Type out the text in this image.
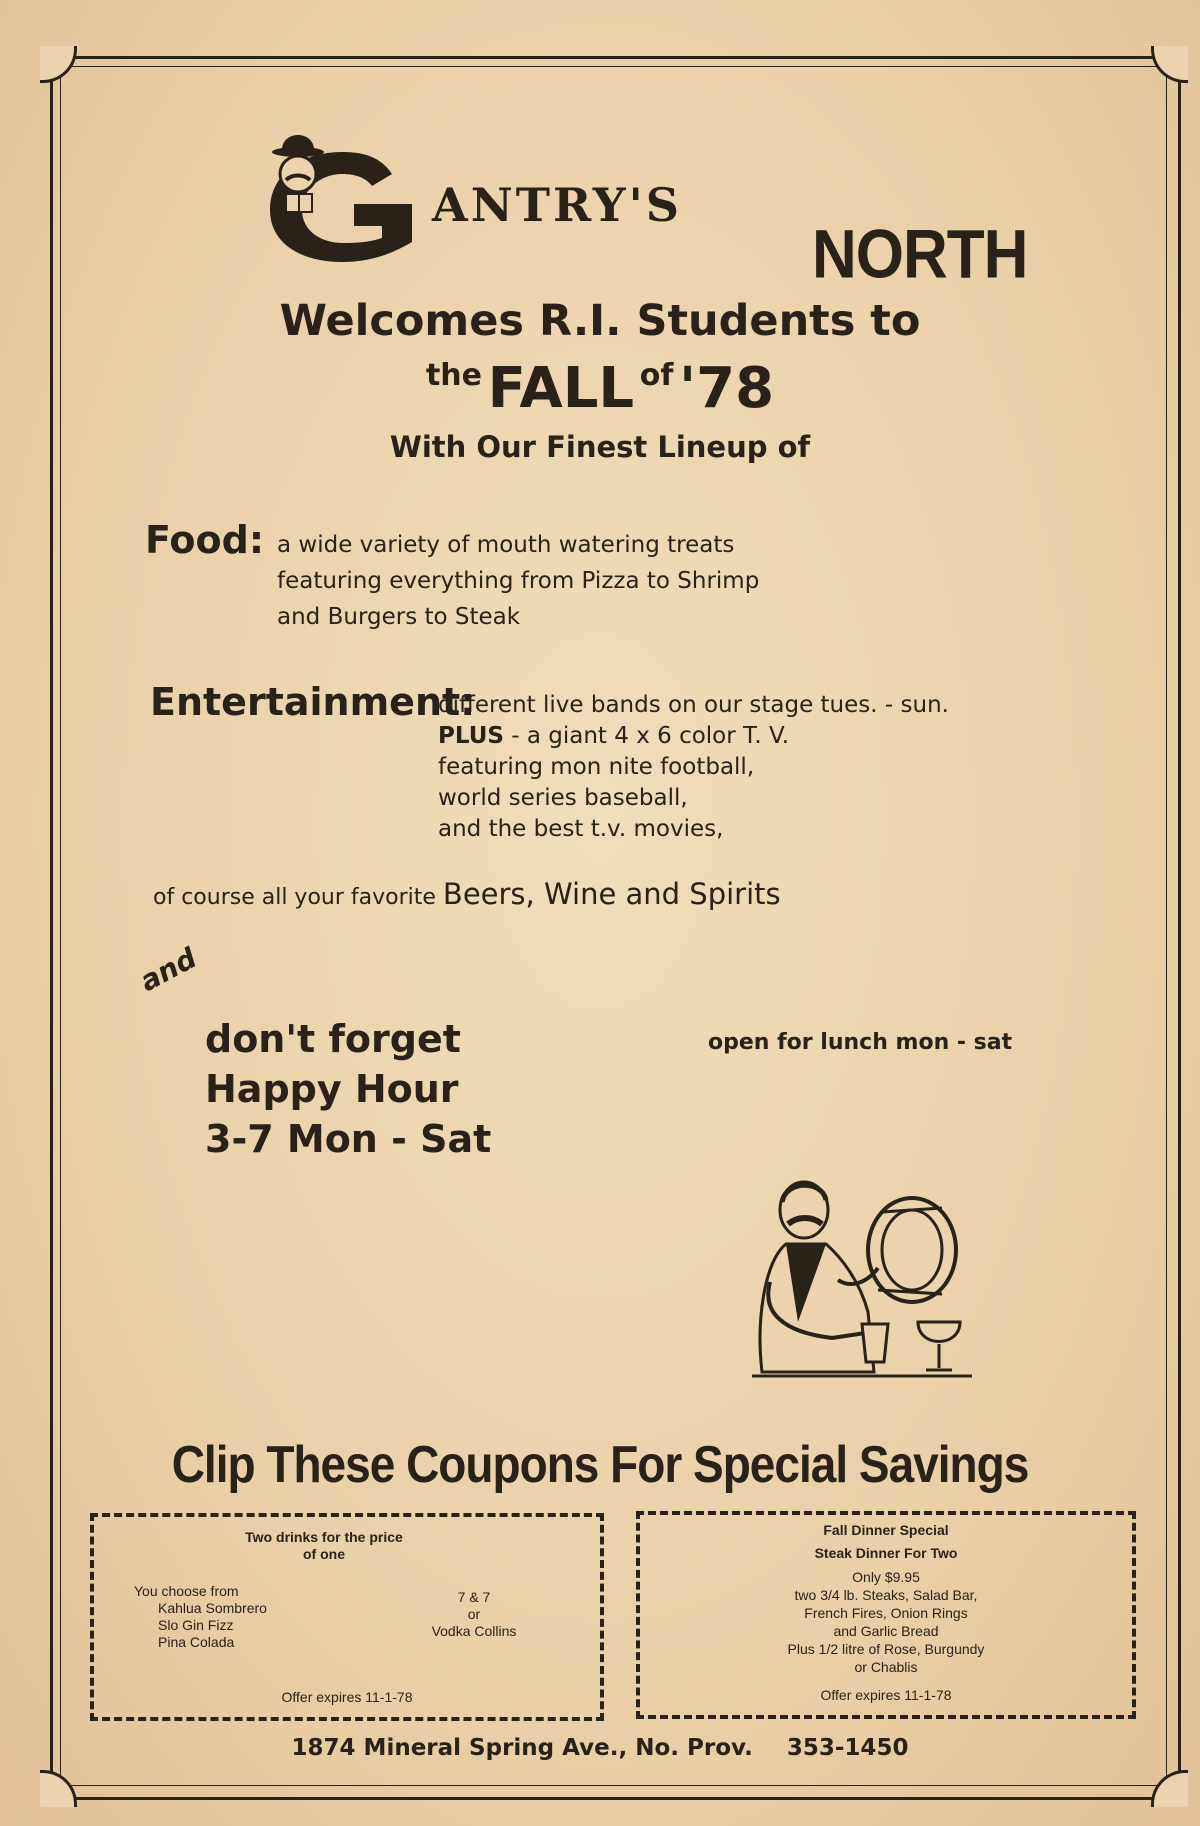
ANTRY'S
NORTH
Welcomes R.I. Students to
the FALL of '78
With Our Finest Lineup of
Food: a wide variety of mouth watering treats
featuring everything from Pizza to Shrimp
and Burgers to Steak
Entertainment:
different live bands on our stage tues. - sun.
PLUS - a giant 4 x 6 color T. V.
featuring mon nite football,
world series baseball,
and the best t.v. movies,
of course all your favorite Beers, Wine and Spirits
and
don't forget
Happy Hour
3-7 Mon - Sat
open for lunch mon - sat
Clip These Coupons For Special Savings
Two drinks for the price
of one
You choose from
Kahlua Sombrero
Slo Gin Fizz
Pina Colada
7 & 7
or
Vodka Collins
Offer expires 11-1-78
Fall Dinner Special
Steak Dinner For Two
Only $9.95
two 3/4 lb. Steaks, Salad Bar,
French Fires, Onion Rings
and Garlic Bread
Plus 1/2 litre of Rose, Burgundy
or Chablis
Offer expires 11-1-78
1874 Mineral Spring Ave., No. Prov. 353-1450
